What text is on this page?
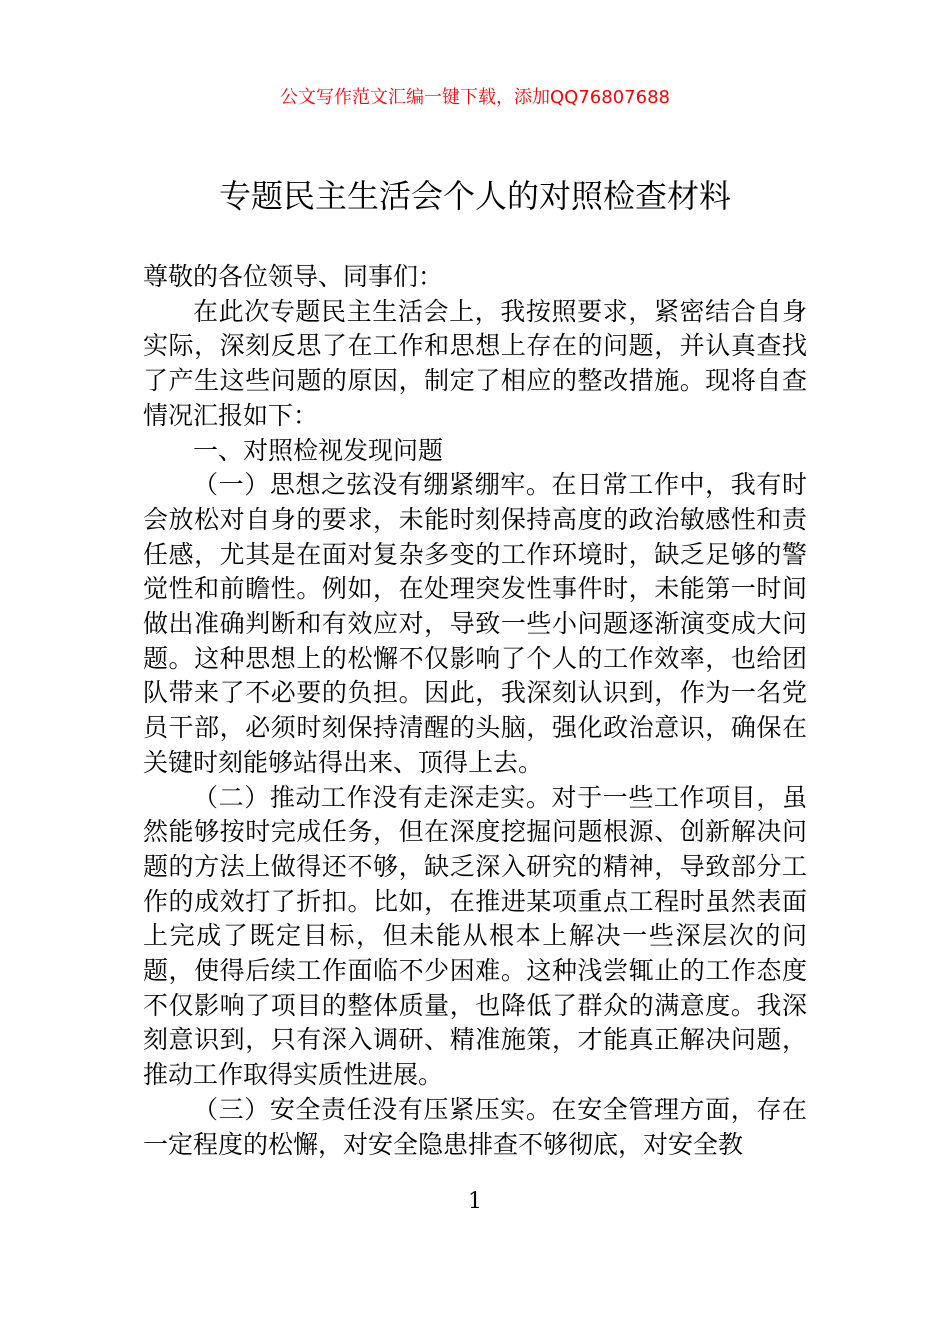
公文写作范文汇编一键下载，添加QQ76807688
专题民主生活会个人的对照检查材料

尊敬的各位领导、同事们：

在此次专题民主生活会上，我按照要求，紧密结合自身实际，深刻反思了在工作和思想上存在的问题，并认真查找了产生这些问题的原因，制定了相应的整改措施。现将自查情况汇报如下：

一、对照检视发现问题

（一）思想之弦没有绷紧绷牢。在日常工作中，我有时会放松对自身的要求，未能时刻保持高度的政治敏感性和责任感，尤其是在面对复杂多变的工作环境时，缺乏足够的警觉性和前瞻性。例如，在处理突发性事件时，未能第一时间做出准确判断和有效应对，导致一些小问题逐渐演变成大问题。这种思想上的松懈不仅影响了个人的工作效率，也给团队带来了不必要的负担。因此，我深刻认识到，作为一名党员干部，必须时刻保持清醒的头脑，强化政治意识，确保在关键时刻能够站得出来、顶得上去。

（二）推动工作没有走深走实。对于一些工作项目，虽然能够按时完成任务，但在深度挖掘问题根源、创新解决问题的方法上做得还不够，缺乏深入研究的精神，导致部分工作的成效打了折扣。比如，在推进某项重点工程时虽然表面上完成了既定目标，但未能从根本上解决一些深层次的问题，使得后续工作面临不少困难。这种浅尝辄止的工作态度不仅影响了项目的整体质量，也降低了群众的满意度。我深刻意识到，只有深入调研、精准施策，才能真正解决问题，推动工作取得实质性进展。

（三）安全责任没有压紧压实。在安全管理方面，存在一定程度的松懈，对安全隐患排查不够彻底，对安全教

1
